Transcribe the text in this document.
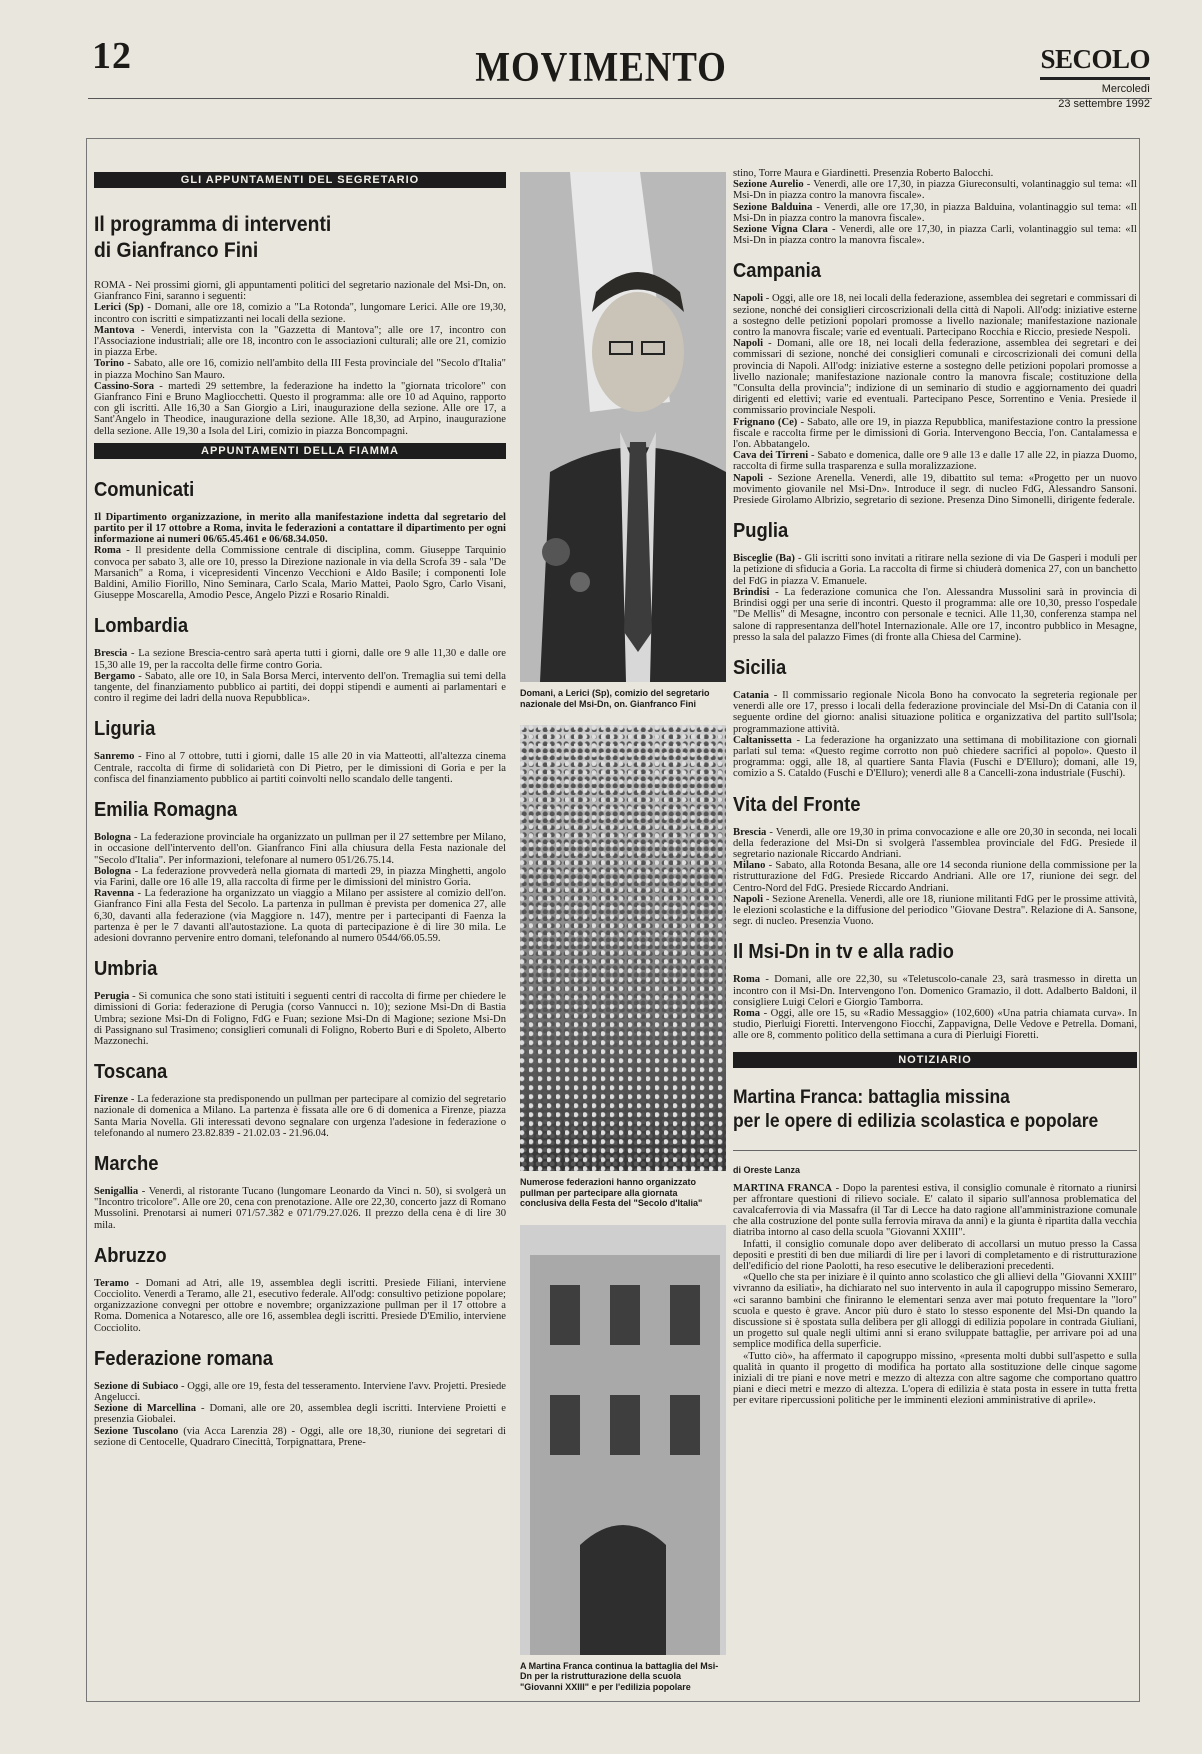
12	MOVIMENTO	SECOLO
Mercoledì
23 settembre 1992
GLI APPUNTAMENTI DEL SEGRETARIO
Il programma di interventi
di Gianfranco Fini

ROMA - Nei prossimi giorni, gli appuntamenti politici del segretario nazionale del Msi-Dn, on. Gianfranco Fini, saranno i seguenti:

Lerici (Sp) - Domani, alle ore 18, comizio a "La Rotonda", lungomare Lerici. Alle ore 19,30, incontro con iscritti e simpatizzanti nei locali della sezione.

Mantova - Venerdì, intervista con la "Gazzetta di Mantova"; alle ore 17, incontro con l'Associazione industriali; alle ore 18, incontro con le associazioni culturali; alle ore 21, comizio in piazza Erbe.

Torino - Sabato, alle ore 16, comizio nell'ambito della III Festa provinciale del "Secolo d'Italia" in piazza Mochino San Mauro.

Cassino-Sora - martedì 29 settembre, la federazione ha indetto la "giornata tricolore" con Gianfranco Fini e Bruno Magliocchetti. Questo il programma: alle ore 10 ad Aquino, rapporto con gli iscritti. Alle 16,30 a San Giorgio a Liri, inaugurazione della sezione. Alle ore 17, a Sant'Angelo in Theodice, inaugurazione della sezione. Alle 18,30, ad Arpino, inaugurazione della sezione. Alle 19,30 a Isola del Liri, comizio in piazza Boncompagni.

APPUNTAMENTI DELLA FIAMMA
Comunicati

Il Dipartimento organizzazione, in merito alla manifestazione indetta dal segretario del partito per il 17 ottobre a Roma, invita le federazioni a contattare il dipartimento per ogni informazione ai numeri 06/65.45.461 e 06/68.34.050.

Roma - Il presidente della Commissione centrale di disciplina, comm. Giuseppe Tarquinio convoca per sabato 3, alle ore 10, presso la Direzione nazionale in via della Scrofa 39 - sala "De Marsanich" a Roma, i vicepresidenti Vincenzo Vecchioni e Aldo Basile; i componenti Iole Baldini, Amilio Fiorillo, Nino Seminara, Carlo Scala, Mario Mattei, Paolo Sgro, Carlo Visani, Giuseppe Moscarella, Amodio Pesce, Angelo Pizzi e Rosario Rinaldi.

Lombardia

Brescia - La sezione Brescia-centro sarà aperta tutti i giorni, dalle ore 9 alle 11,30 e dalle ore 15,30 alle 19, per la raccolta delle firme contro Goria.

Bergamo - Sabato, alle ore 10, in Sala Borsa Merci, intervento dell'on. Tremaglia sui temi della tangente, del finanziamento pubblico ai partiti, dei doppi stipendi e aumenti ai parlamentari e contro il regime dei ladri della nuova Repubblica».

Liguria

Sanremo - Fino al 7 ottobre, tutti i giorni, dalle 15 alle 20 in via Matteotti, all'altezza cinema Centrale, raccolta di firme di solidarietà con Di Pietro, per le dimissioni di Goria e per la confisca del finanziamento pubblico ai partiti coinvolti nello scandalo delle tangenti.

Emilia Romagna

Bologna - La federazione provinciale ha organizzato un pullman per il 27 settembre per Milano, in occasione dell'intervento dell'on. Gianfranco Fini alla chiusura della Festa nazionale del "Secolo d'Italia". Per informazioni, telefonare al numero 051/26.75.14.

Bologna - La federazione provvederà nella giornata di martedì 29, in piazza Minghetti, angolo via Farini, dalle ore 16 alle 19, alla raccolta di firme per le dimissioni del ministro Goria.

Ravenna - La federazione ha organizzato un viaggio a Milano per assistere al comizio dell'on. Gianfranco Fini alla Festa del Secolo. La partenza in pullman è prevista per domenica 27, alle 6,30, davanti alla federazione (via Maggiore n. 147), mentre per i partecipanti di Faenza la partenza è per le 7 davanti all'autostazione. La quota di partecipazione è di lire 30 mila. Le adesioni dovranno pervenire entro domani, telefonando al numero 0544/66.05.59.

Umbria

Perugia - Si comunica che sono stati istituiti i seguenti centri di raccolta di firme per chiedere le dimissioni di Goria: federazione di Perugia (corso Vannucci n. 10); sezione Msi-Dn di Bastia Umbra; sezione Msi-Dn di Foligno, FdG e Fuan; sezione Msi-Dn di Magione; sezione Msi-Dn di Passignano sul Trasimeno; consiglieri comunali di Foligno, Roberto Buri e di Spoleto, Alberto Mazzonechi.

Toscana

Firenze - La federazione sta predisponendo un pullman per partecipare al comizio del segretario nazionale di domenica a Milano. La partenza è fissata alle ore 6 di domenica a Firenze, piazza Santa Maria Novella. Gli interessati devono segnalare con urgenza l'adesione in federazione o telefonando al numero 23.82.839 - 21.02.03 - 21.96.04.

Marche

Senigallia - Venerdì, al ristorante Tucano (lungomare Leonardo da Vinci n. 50), si svolgerà un "Incontro tricolore". Alle ore 20, cena con prenotazione. Alle ore 22,30, concerto jazz di Romano Mussolini. Prenotarsi ai numeri 071/57.382 e 071/79.27.026. Il prezzo della cena è di lire 30 mila.

Abruzzo

Teramo - Domani ad Atri, alle 19, assemblea degli iscritti. Presiede Filiani, interviene Cocciolito. Venerdì a Teramo, alle 21, esecutivo federale. All'odg: consultivo petizione popolare; organizzazione convegni per ottobre e novembre; organizzazione pullman per il 17 ottobre a Roma. Domenica a Notaresco, alle ore 16, assemblea degli iscritti. Presiede D'Emilio, interviene Cocciolito.

Federazione romana

Sezione di Subiaco - Oggi, alle ore 19, festa del tesseramento. Interviene l'avv. Projetti. Presiede Angelucci.

Sezione di Marcellina - Domani, alle ore 20, assemblea degli iscritti. Interviene Proietti e presenzia Giobalei.

Sezione Tuscolano (via Acca Larenzia 28) - Oggi, alle ore 18,30, riunione dei segretari di sezione di Centocelle, Quadraro Cinecittà, Torpignattara, Prene-

Domani, a Lerici (Sp), comizio del segretario nazionale del Msi-Dn, on. Gianfranco Fini
Numerose federazioni hanno organizzato pullman per partecipare alla giornata conclusiva della Festa del "Secolo d'Italia"
A Martina Franca continua la battaglia del Msi-Dn per la ristrutturazione della scuola "Giovanni XXIII" e per l'edilizia popolare

stino, Torre Maura e Giardinetti. Presenzia Roberto Balocchi.

Sezione Aurelio - Venerdì, alle ore 17,30, in piazza Giureconsulti, volantinaggio sul tema: «Il Msi-Dn in piazza contro la manovra fiscale».

Sezione Balduina - Venerdì, alle ore 17,30, in piazza Balduina, volantinaggio sul tema: «Il Msi-Dn in piazza contro la manovra fiscale».

Sezione Vigna Clara - Venerdì, alle ore 17,30, in piazza Carli, volantinaggio sul tema: «Il Msi-Dn in piazza contro la manovra fiscale».

Campania

Napoli - Oggi, alle ore 18, nei locali della federazione, assemblea dei segretari e commissari di sezione, nonché dei consiglieri circoscrizionali della città di Napoli. All'odg: iniziative esterne a sostegno delle petizioni popolari promosse a livello nazionale; manifestazione nazionale contro la manovra fiscale; varie ed eventuali. Partecipano Rocchia e Riccio, presiede Nespoli.

Napoli - Domani, alle ore 18, nei locali della federazione, assemblea dei segretari e dei commissari di sezione, nonché dei consiglieri comunali e circoscrizionali dei comuni della provincia di Napoli. All'odg: iniziative esterne a sostegno delle petizioni popolari promosse a livello nazionale; manifestazione nazionale contro la manovra fiscale; costituzione della "Consulta della provincia"; indizione di un seminario di studio e aggiornamento dei quadri dirigenti ed elettivi; varie ed eventuali. Partecipano Pesce, Sorrentino e Venia. Presiede il commissario provinciale Nespoli.

Frignano (Ce) - Sabato, alle ore 19, in piazza Repubblica, manifestazione contro la pressione fiscale e raccolta firme per le dimissioni di Goria. Intervengono Beccia, l'on. Cantalamessa e l'on. Abbatangelo.

Cava dei Tirreni - Sabato e domenica, dalle ore 9 alle 13 e dalle 17 alle 22, in piazza Duomo, raccolta di firme sulla trasparenza e sulla moralizzazione.

Napoli - Sezione Arenella. Venerdì, alle 19, dibattito sul tema: «Progetto per un nuovo movimento giovanile nel Msi-Dn». Introduce il segr. di nucleo FdG, Alessandro Sansoni. Presiede Girolamo Albrizio, segretario di sezione. Presenza Dino Simonelli, dirigente federale.

Puglia

Bisceglie (Ba) - Gli iscritti sono invitati a ritirare nella sezione di via De Gasperi i moduli per la petizione di sfiducia a Goria. La raccolta di firme si chiuderà domenica 27, con un banchetto del FdG in piazza V. Emanuele.

Brindisi - La federazione comunica che l'on. Alessandra Mussolini sarà in provincia di Brindisi oggi per una serie di incontri. Questo il programma: alle ore 10,30, presso l'ospedale "De Mellis" di Mesagne, incontro con personale e tecnici. Alle 11,30, conferenza stampa nel salone di rappresentanza dell'hotel Internazionale. Alle ore 17, incontro pubblico in Mesagne, presso la sala del palazzo Fimes (di fronte alla Chiesa del Carmine).

Sicilia

Catania - Il commissario regionale Nicola Bono ha convocato la segreteria regionale per venerdì alle ore 17, presso i locali della federazione provinciale del Msi-Dn di Catania con il seguente ordine del giorno: analisi situazione politica e organizzativa del partito sull'Isola; programmazione attività.

Caltanissetta - La federazione ha organizzato una settimana di mobilitazione con giornali parlati sul tema: «Questo regime corrotto non può chiedere sacrifici al popolo». Questo il programma: oggi, alle 18, al quartiere Santa Flavia (Fuschi e D'Elluro); domani, alle 19, comizio a S. Cataldo (Fuschi e D'Elluro); venerdì alle 8 a Cancelli-zona industriale (Fuschi).

Vita del Fronte

Brescia - Venerdì, alle ore 19,30 in prima convocazione e alle ore 20,30 in seconda, nei locali della federazione del Msi-Dn si svolgerà l'assemblea provinciale del FdG. Presiede il segretario nazionale Riccardo Andriani.

Milano - Sabato, alla Rotonda Besana, alle ore 14 seconda riunione della commissione per la ristrutturazione del FdG. Presiede Riccardo Andriani. Alle ore 17, riunione dei segr. del Centro-Nord del FdG. Presiede Riccardo Andriani.

Napoli - Sezione Arenella. Venerdì, alle ore 18, riunione militanti FdG per le prossime attività, le elezioni scolastiche e la diffusione del periodico "Giovane Destra". Relazione di A. Sansone, segr. di nucleo. Presenzia Vuono.

Il Msi-Dn in tv e alla radio

Roma - Domani, alle ore 22,30, su «Teletuscolo-canale 23, sarà trasmesso in diretta un incontro con il Msi-Dn. Intervengono l'on. Domenico Gramazio, il dott. Adalberto Baldoni, il consigliere Luigi Celori e Giorgio Tamborra.

Roma - Oggi, alle ore 15, su «Radio Messaggio» (102,600) «Una patria chiamata curva». In studio, Pierluigi Fioretti. Intervengono Fiocchi, Zappavigna, Delle Vedove e Petrella. Domani, alle ore 8, commento politico della settimana a cura di Pierluigi Fioretti.

NOTIZIARIO
Martina Franca: battaglia missina
per le opere di edilizia scolastica e popolare
di Oreste Lanza

MARTINA FRANCA - Dopo la parentesi estiva, il consiglio comunale è ritornato a riunirsi per affrontare questioni di rilievo sociale. E' calato il sipario sull'annosa problematica del cavalcaferrovia di via Massafra (il Tar di Lecce ha dato ragione all'amministrazione comunale che alla costruzione del ponte sulla ferrovia mirava da anni) e la giunta è ripartita dalla vecchia diatriba intorno al caso della scuola "Giovanni XXIII".

Infatti, il consiglio comunale dopo aver deliberato di accollarsi un mutuo presso la Cassa depositi e prestiti di ben due miliardi di lire per i lavori di completamento e di ristrutturazione dell'edificio del rione Paolotti, ha reso esecutive le deliberazioni precedenti.

«Quello che sta per iniziare è il quinto anno scolastico che gli allievi della "Giovanni XXIII" vivranno da esiliati», ha dichiarato nel suo intervento in aula il capogruppo missino Semeraro, «ci saranno bambini che finiranno le elementari senza aver mai potuto frequentare la "loro" scuola e questo è grave. Ancor più duro è stato lo stesso esponente del Msi-Dn quando la discussione si è spostata sulla delibera per gli alloggi di edilizia popolare in contrada Giuliani, un progetto sul quale negli ultimi anni si erano sviluppate battaglie, per arrivare poi ad una semplice modifica della superficie.

«Tutto ciò», ha affermato il capogruppo missino, «presenta molti dubbi sull'aspetto e sulla qualità in quanto il progetto di modifica ha portato alla sostituzione delle cinque sagome iniziali di tre piani e nove metri e mezzo di altezza con altre sagome che comportano quattro piani e dieci metri e mezzo di altezza. L'opera di edilizia è stata posta in essere in tutta fretta per evitare ripercussioni politiche per le imminenti elezioni amministrative di aprile».
